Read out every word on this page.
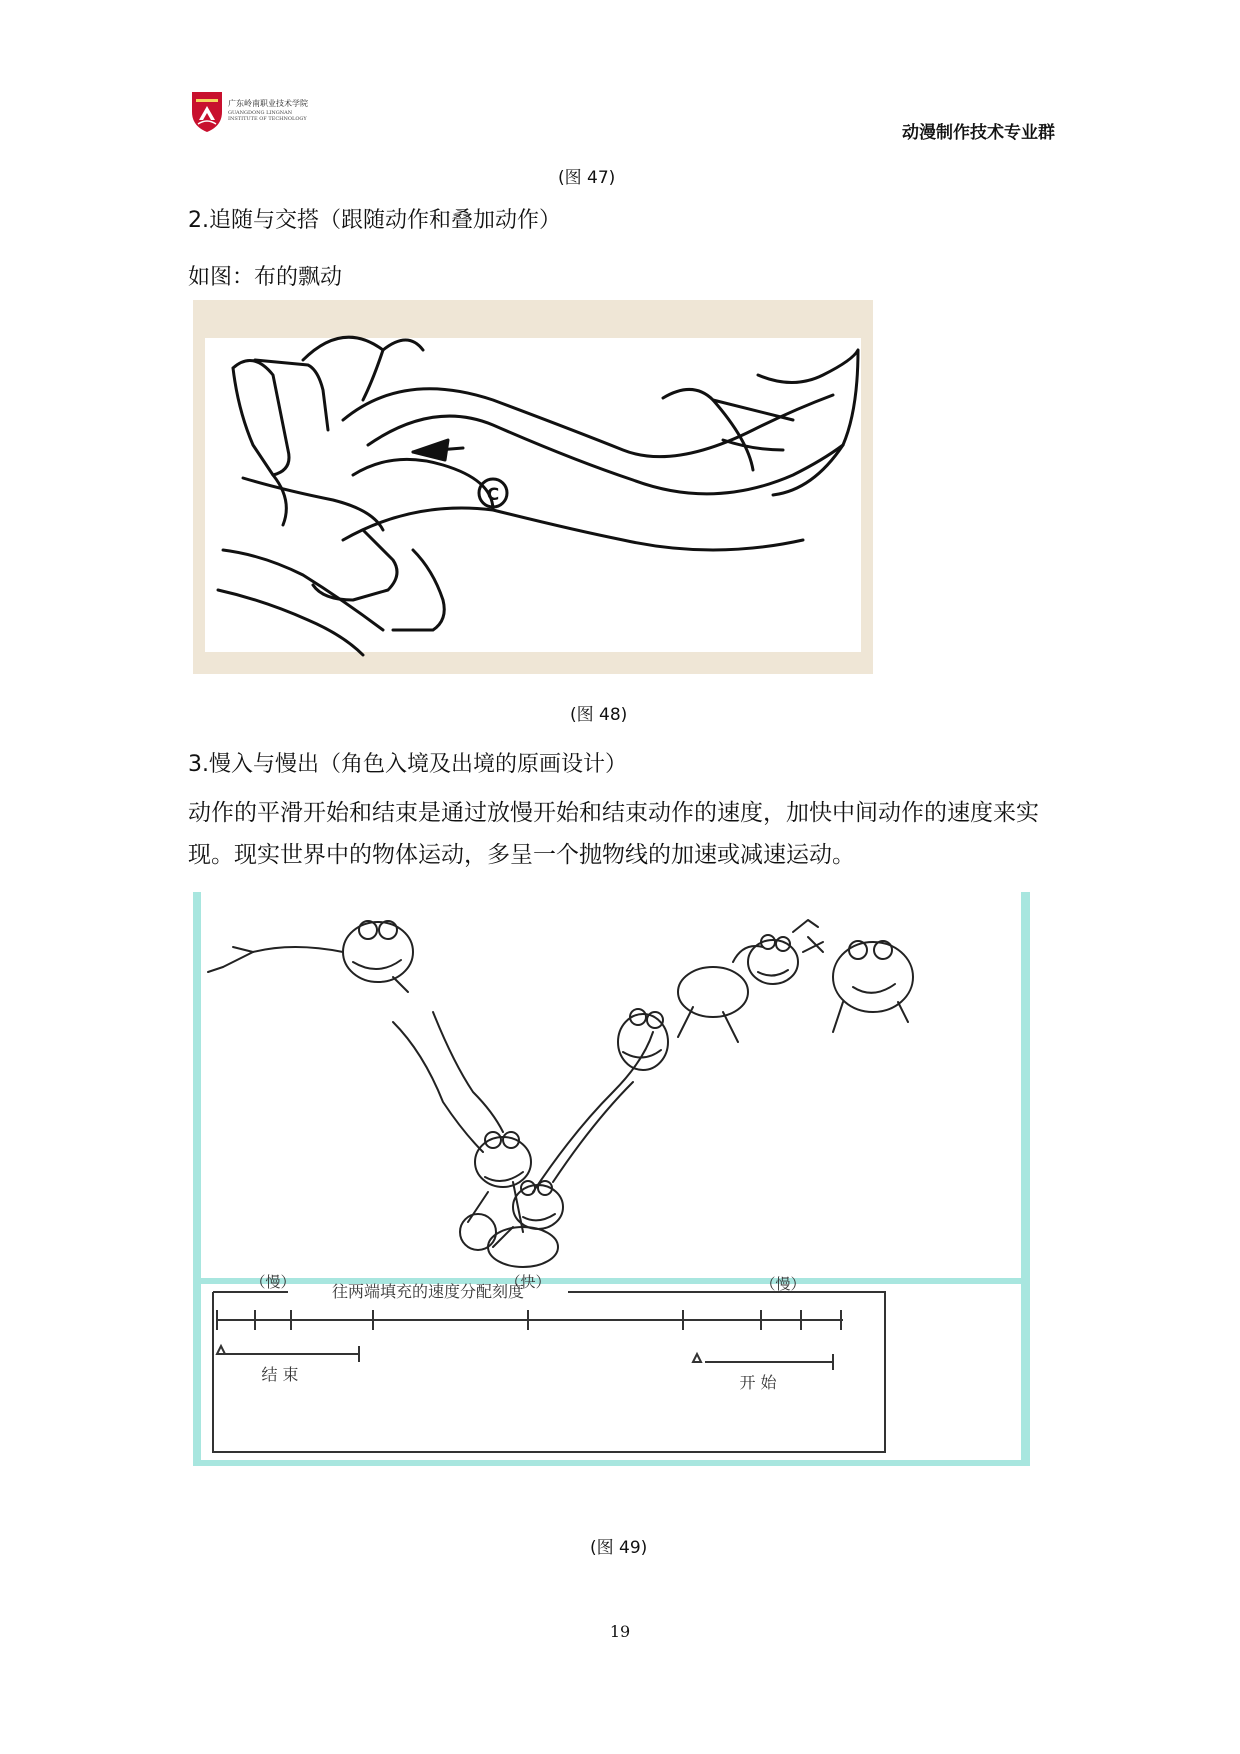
广东岭南职业技术学院
GUANGDONG LINGNAN
INSTITUTE OF TECHNOLOGY
动漫制作技术专业群
(图 47)
2.追随与交搭（跟随动作和叠加动作）
如图：布的飘动
C
(图 48)
3.慢入与慢出（角色入境及出境的原画设计）
动作的平滑开始和结束是通过放慢开始和结束动作的速度，加快中间动作的速度来实现。现实世界中的物体运动，多呈一个抛物线的加速或减速运动。
往两端填充的速度分配刻度
（慢）	（快）	（慢）
结 束	开 始
(图 49)
19
